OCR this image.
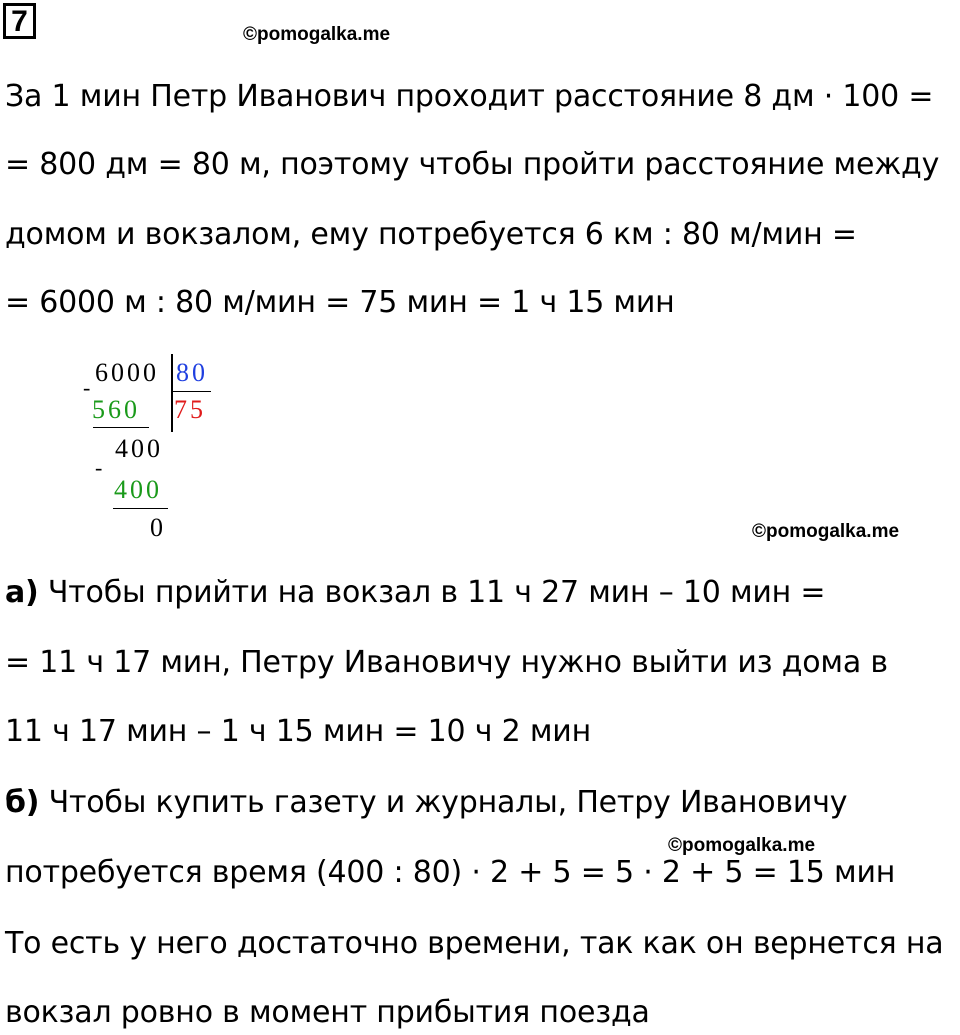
7	©pomogalka.me
За 1 мин Петр Иванович проходит расстояние 8 дм · 100 =
= 800 дм = 80 м, поэтому чтобы пройти расстояние между
домом и вокзалом, ему потребуется 6 км : 80 м/мин =
= 6000 м : 80 м/мин = 75 мин = 1 ч 15 мин
6000 80
-
560 75
400
-
400
0	©pomogalka.me
а) Чтобы прийти на вокзал в 11 ч 27 мин – 10 мин =
= 11 ч 17 мин, Петру Ивановичу нужно выйти из дома в
11 ч 17 мин – 1 ч 15 мин = 10 ч 2 мин
б) Чтобы купить газету и журналы, Петру Ивановичу
©pomogalka.me
потребуется время (400 : 80) · 2 + 5 = 5 · 2 + 5 = 15 мин
То есть у него достаточно времени, так как он вернется на
вокзал ровно в момент прибытия поезда
